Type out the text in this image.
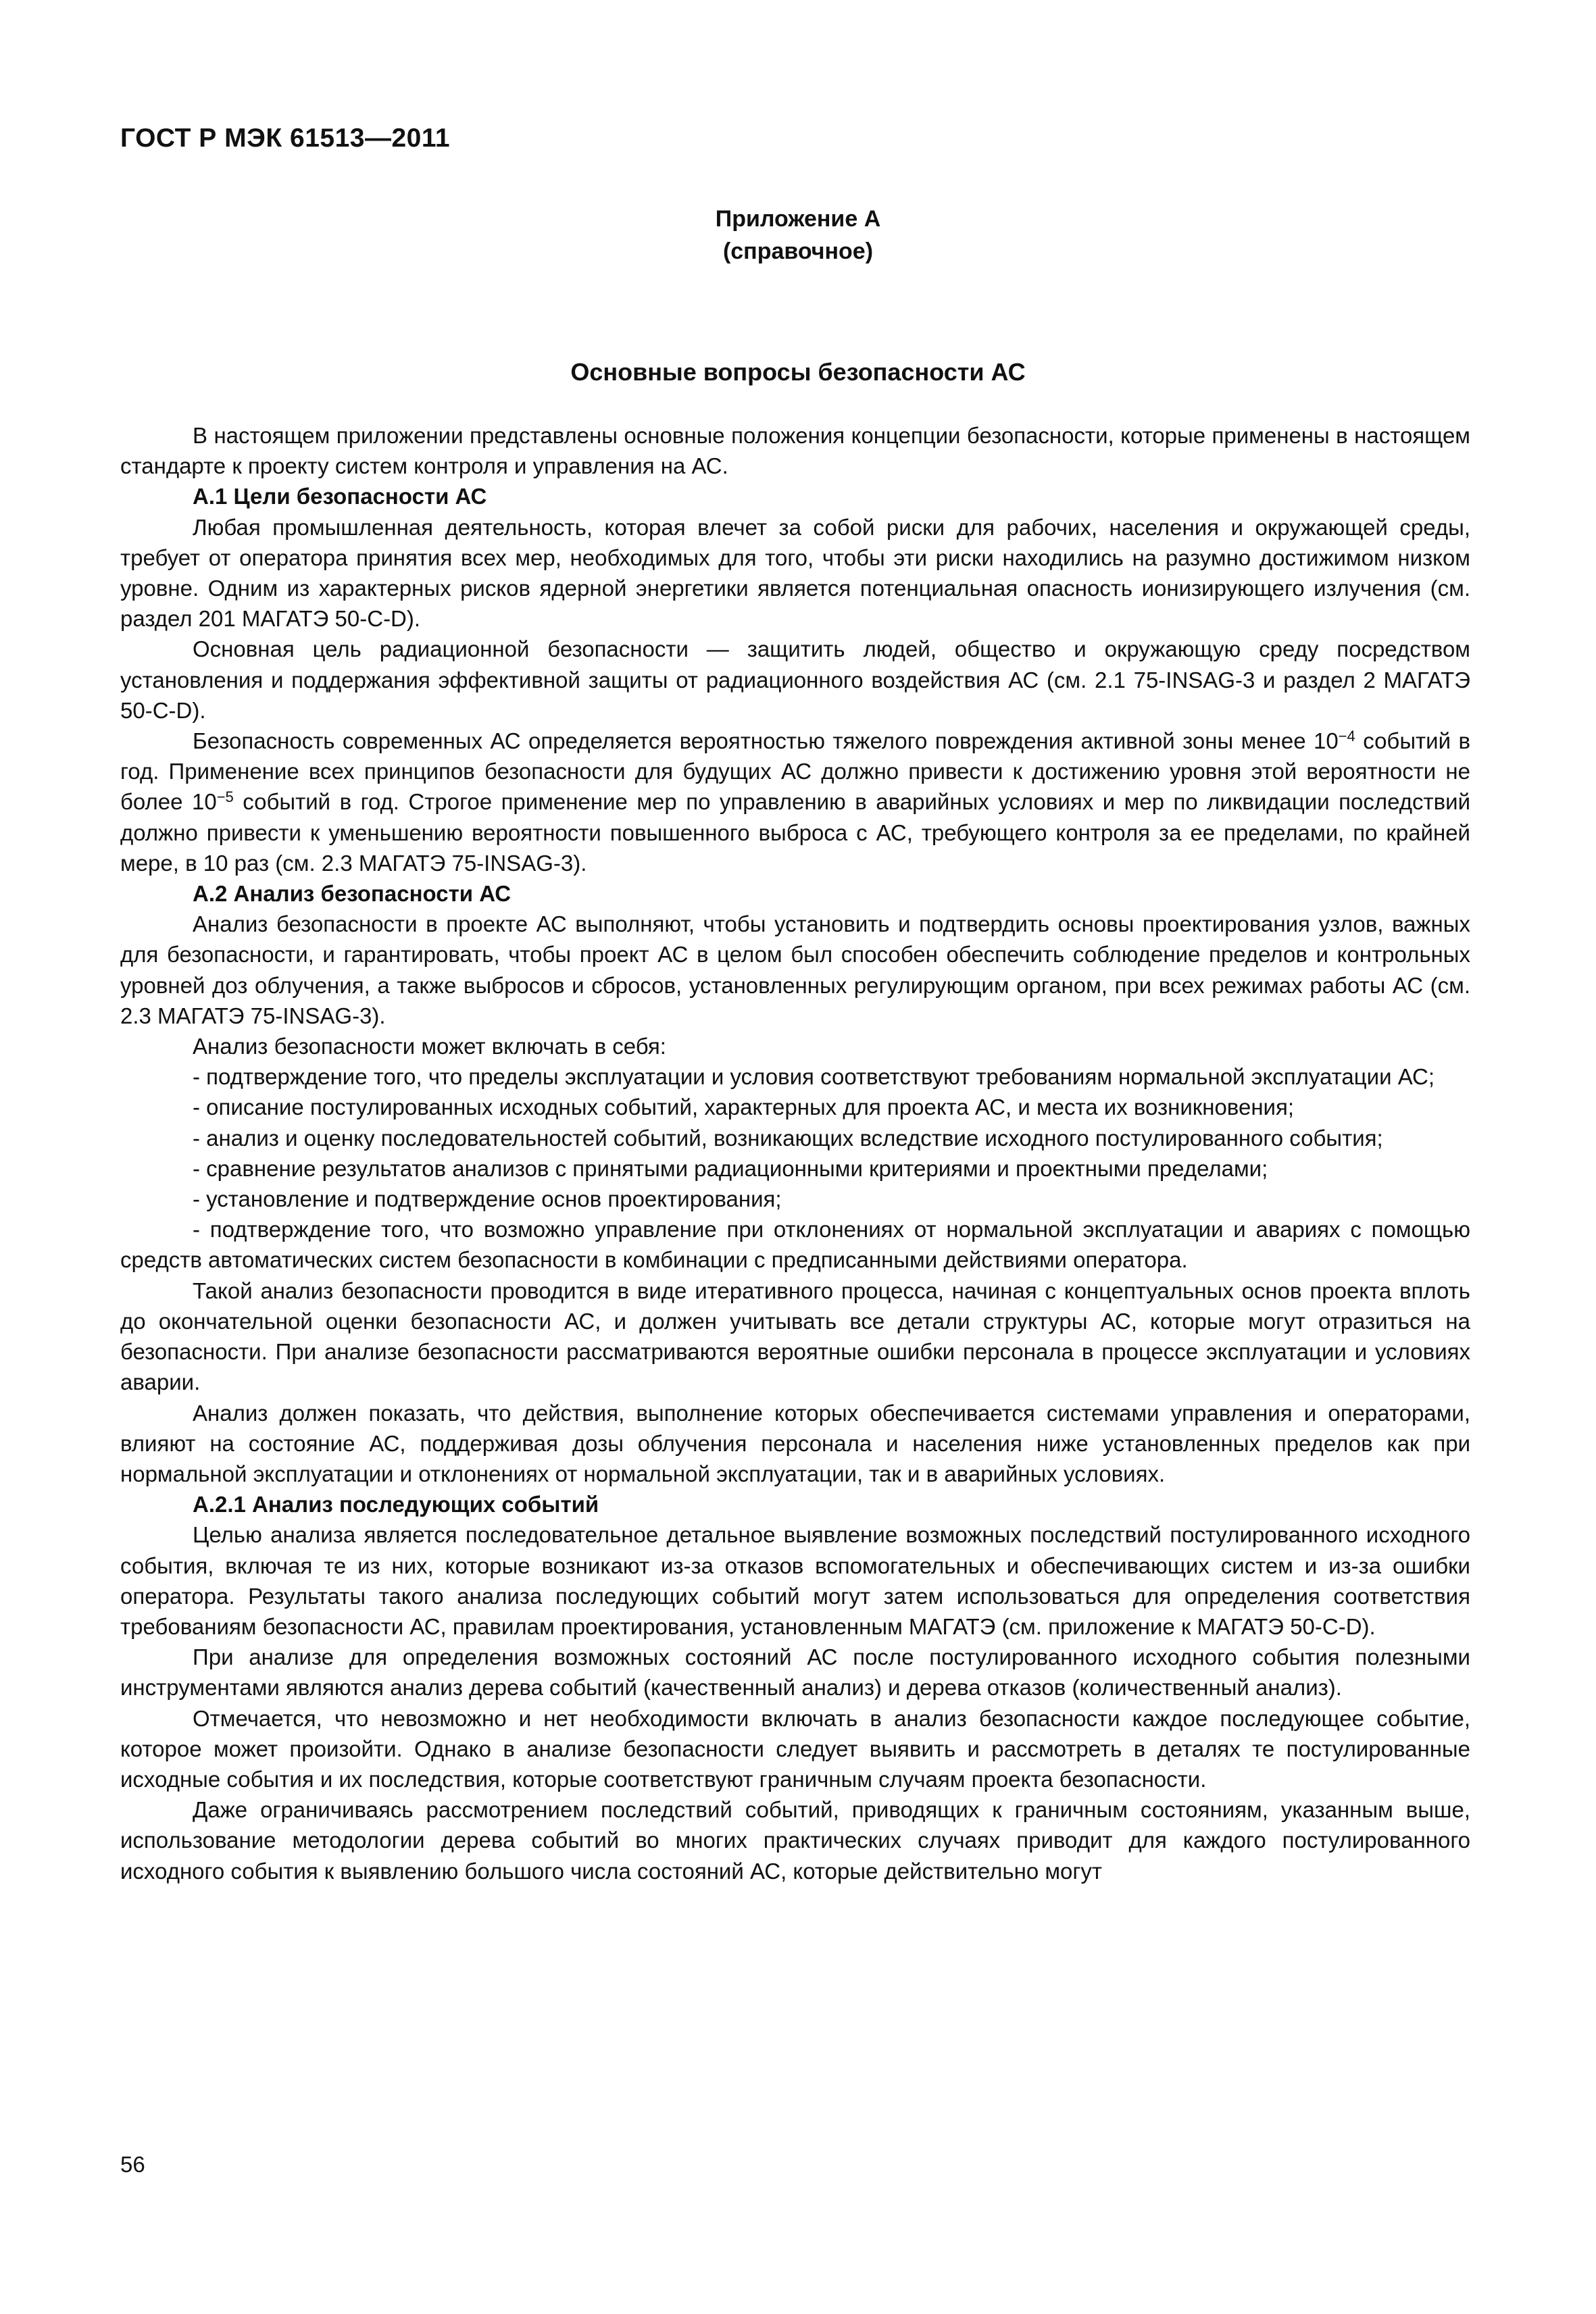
ГОСТ Р МЭК 61513—2011
Приложение А
(справочное)
Основные вопросы безопасности АС

В настоящем приложении представлены основные положения концепции безопасности, которые применены в настоящем стандарте к проекту систем контроля и управления на АС.

А.1 Цели безопасности АС

Любая промышленная деятельность, которая влечет за собой риски для рабочих, населения и окружающей среды, требует от оператора принятия всех мер, необходимых для того, чтобы эти риски находились на разумно достижимом низком уровне. Одним из характерных рисков ядерной энергетики является потенциальная опасность ионизирующего излучения (см. раздел 201 МАГАТЭ 50-C-D).

Основная цель радиационной безопасности — защитить людей, общество и окружающую среду посредством установления и поддержания эффективной защиты от радиационного воздействия АС (см. 2.1 75-INSAG-3 и раздел 2 МАГАТЭ 50-C-D).

Безопасность современных АС определяется вероятностью тяжелого повреждения активной зоны менее $10^{-4}$ событий в год. Применение всех принципов безопасности для будущих АС должно привести к достижению уровня этой вероятности не более $10^{-5}$ событий в год. Строгое применение мер по управлению в аварийных условиях и мер по ликвидации последствий должно привести к уменьшению вероятности повышенного выброса с АС, требующего контроля за ее пределами, по крайней мере, в 10 раз (см. 2.3 МАГАТЭ 75-INSAG-3).

А.2 Анализ безопасности АС

Анализ безопасности в проекте АС выполняют, чтобы установить и подтвердить основы проектирования узлов, важных для безопасности, и гарантировать, чтобы проект АС в целом был способен обеспечить соблюдение пределов и контрольных уровней доз облучения, а также выбросов и сбросов, установленных регулирующим органом, при всех режимах работы АС (см. 2.3 МАГАТЭ 75-INSAG-3).

Анализ безопасности может включать в себя:

- подтверждение того, что пределы эксплуатации и условия соответствуют требованиям нормальной эксплуатации АС;

- описание постулированных исходных событий, характерных для проекта АС, и места их возникновения;

- анализ и оценку последовательностей событий, возникающих вследствие исходного постулированного события;

- сравнение результатов анализов с принятыми радиационными критериями и проектными пределами;

- установление и подтверждение основ проектирования;

- подтверждение того, что возможно управление при отклонениях от нормальной эксплуатации и авариях с помощью средств автоматических систем безопасности в комбинации с предписанными действиями оператора.

Такой анализ безопасности проводится в виде итеративного процесса, начиная с концептуальных основ проекта вплоть до окончательной оценки безопасности АС, и должен учитывать все детали структуры АС, которые могут отразиться на безопасности. При анализе безопасности рассматриваются вероятные ошибки персонала в процессе эксплуатации и условиях аварии.

Анализ должен показать, что действия, выполнение которых обеспечивается системами управления и операторами, влияют на состояние АС, поддерживая дозы облучения персонала и населения ниже установленных пределов как при нормальной эксплуатации и отклонениях от нормальной эксплуатации, так и в аварийных условиях.

А.2.1 Анализ последующих событий

Целью анализа является последовательное детальное выявление возможных последствий постулированного исходного события, включая те из них, которые возникают из-за отказов вспомогательных и обеспечивающих систем и из-за ошибки оператора. Результаты такого анализа последующих событий могут затем использоваться для определения соответствия требованиям безопасности АС, правилам проектирования, установленным МАГАТЭ (см. приложение к МАГАТЭ 50-C-D).

При анализе для определения возможных состояний АС после постулированного исходного события полезными инструментами являются анализ дерева событий (качественный анализ) и дерева отказов (количественный анализ).

Отмечается, что невозможно и нет необходимости включать в анализ безопасности каждое последующее событие, которое может произойти. Однако в анализе безопасности следует выявить и рассмотреть в деталях те постулированные исходные события и их последствия, которые соответствуют граничным случаям проекта безопасности.

Даже ограничиваясь рассмотрением последствий событий, приводящих к граничным состояниям, указанным выше, использование методологии дерева событий во многих практических случаях приводит для каждого постулированного исходного события к выявлению большого числа состояний АС, которые действительно могут

56
